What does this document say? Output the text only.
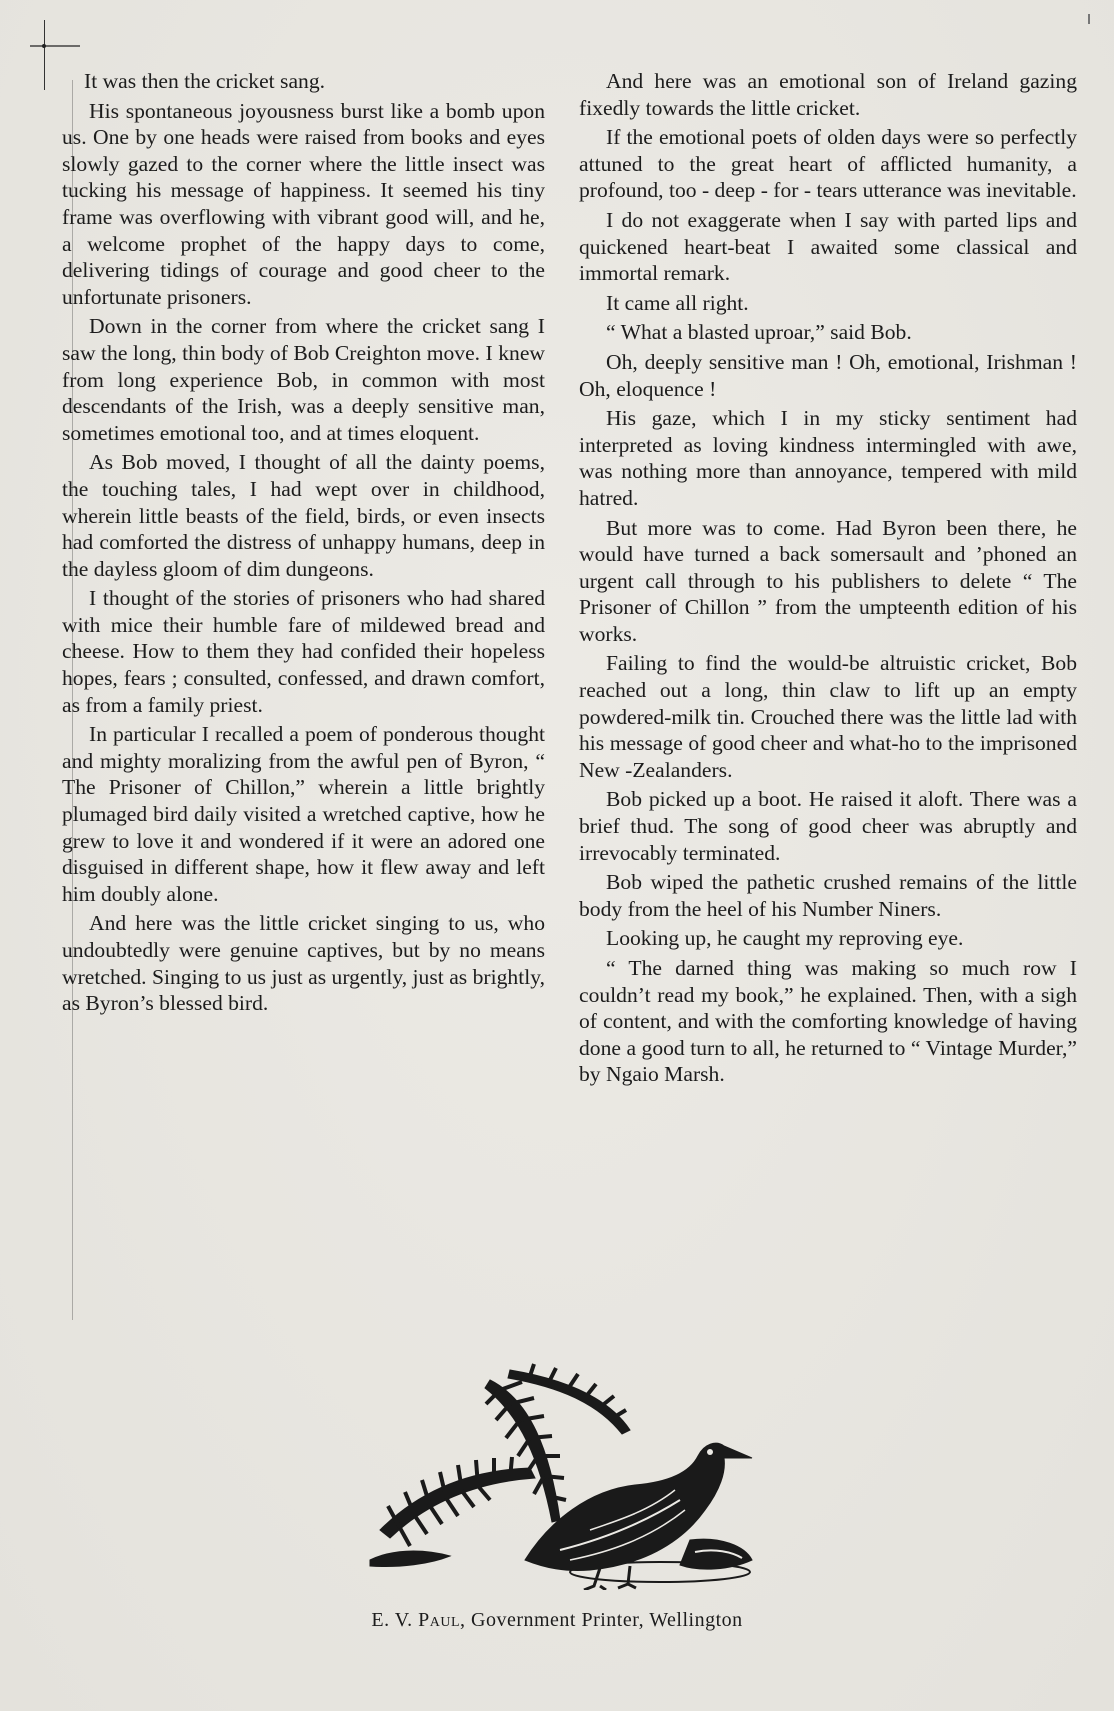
It was then the cricket sang.

His spontaneous joyousness burst like a bomb upon us. One by one heads were raised from books and eyes slowly gazed to the corner where the little insect was tucking his message of happiness. It seemed his tiny frame was overflowing with vibrant good will, and he, a welcome prophet of the happy days to come, delivering tidings of courage and good cheer to the unfortunate prisoners.

Down in the corner from where the cricket sang I saw the long, thin body of Bob Creighton move. I knew from long experience Bob, in common with most descendants of the Irish, was a deeply sensitive man, sometimes emotional too, and at times eloquent.

As Bob moved, I thought of all the dainty poems, the touching tales, I had wept over in childhood, wherein little beasts of the field, birds, or even insects had comforted the distress of unhappy humans, deep in the dayless gloom of dim dungeons.

I thought of the stories of prisoners who had shared with mice their humble fare of mildewed bread and cheese. How to them they had confided their hopeless hopes, fears ; consulted, confessed, and drawn comfort, as from a family priest.

In particular I recalled a poem of ponderous thought and mighty moralizing from the awful pen of Byron, “ The Prisoner of Chillon,” wherein a little brightly plumaged bird daily visited a wretched captive, how he grew to love it and wondered if it were an adored one disguised in different shape, how it flew away and left him doubly alone.

And here was the little cricket singing to us, who undoubtedly were genuine captives, but by no means wretched. Singing to us just as urgently, just as brightly, as Byron’s blessed bird.

And here was an emotional son of Ireland gazing fixedly towards the little cricket.

If the emotional poets of olden days were so perfectly attuned to the great heart of afflicted humanity, a profound, too - deep - for - tears utterance was inevitable.

I do not exaggerate when I say with parted lips and quickened heart-beat I awaited some classical and immortal remark.

It came all right.

“ What a blasted uproar,” said Bob.

Oh, deeply sensitive man ! Oh, emotional, Irishman ! Oh, eloquence !

His gaze, which I in my sticky sentiment had interpreted as loving kindness intermingled with awe, was nothing more than annoyance, tempered with mild hatred.

But more was to come. Had Byron been there, he would have turned a back somersault and ’phoned an urgent call through to his publishers to delete “ The Prisoner of Chillon ” from the umpteenth edition of his works.

Failing to find the would-be altruistic cricket, Bob reached out a long, thin claw to lift up an empty powdered-milk tin. Crouched there was the little lad with his message of good cheer and what-ho to the imprisoned New -Zealanders.

Bob picked up a boot. He raised it aloft. There was a brief thud. The song of good cheer was abruptly and irrevocably terminated.

Bob wiped the pathetic crushed remains of the little body from the heel of his Number Niners.

Looking up, he caught my reproving eye.

“ The darned thing was making so much row I couldn’t read my book,” he explained. Then, with a sigh of content, and with the comforting knowledge of having done a good turn to all, he returned to “ Vintage Murder,” by Ngaio Marsh.

E. V. Paul, Government Printer, Wellington
